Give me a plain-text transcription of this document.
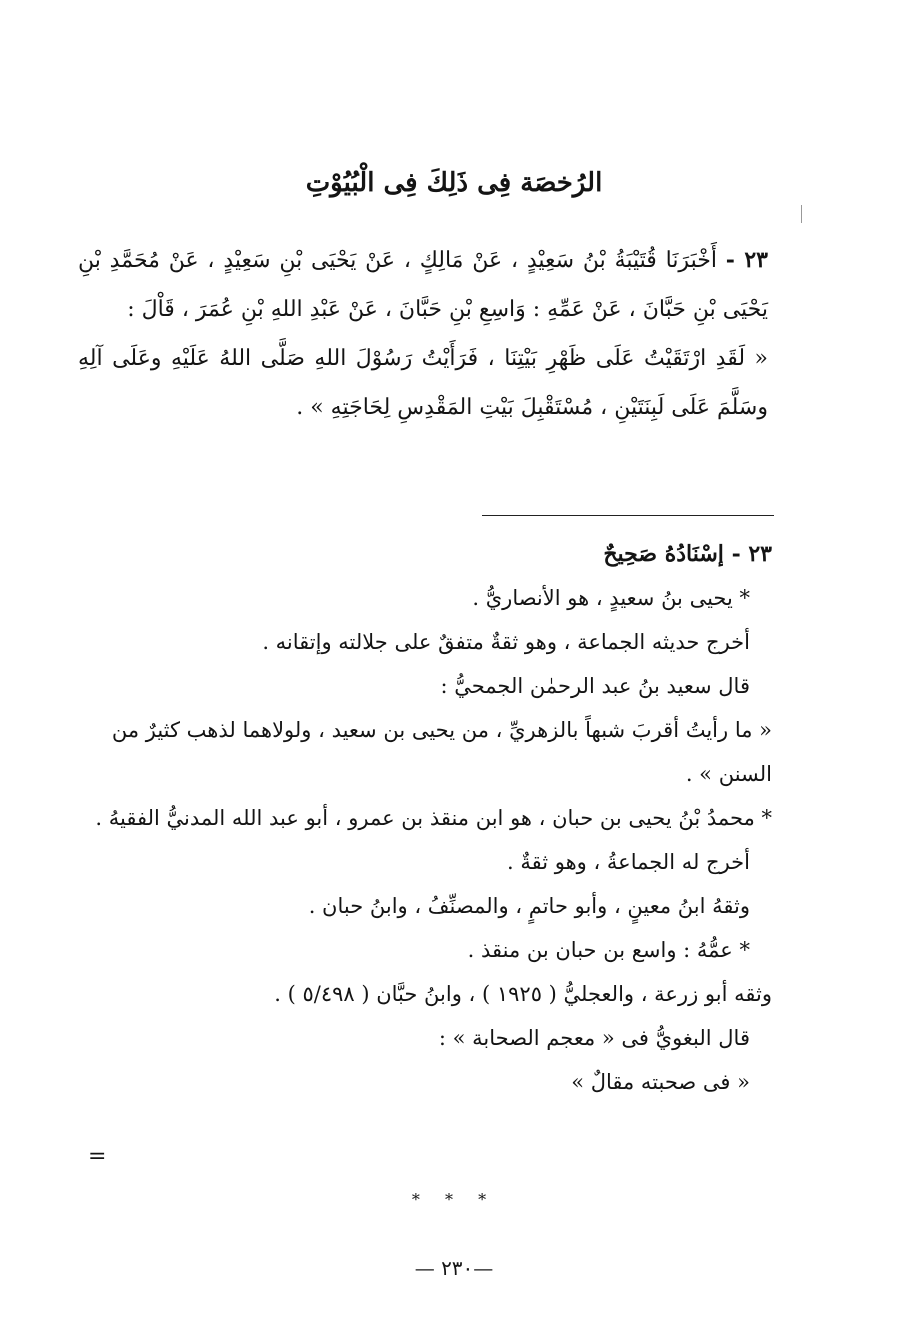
الرُخصَة فِى ذَلِكَ فِى الْبُيُوْتِ

٢٣ - أَخْبَرَنَا قُتَيْبَةُ بْنُ سَعِيْدٍ ، عَنْ مَالِكٍ ، عَنْ يَحْيَى بْنِ سَعِيْدٍ ، عَنْ مُحَمَّدِ بْنِ يَحْيَى بْنِ حَبَّانَ ، عَنْ عَمِّهِ : وَاسِعِ بْنِ حَبَّانَ ، عَنْ عَبْدِ اللهِ بْنِ عُمَرَ ، قَاْلَ :

« لَقَدِ ارْتَقَيْتُ عَلَى ظَهْرِ بَيْتِنَا ، فَرَأَيْتُ رَسُوْلَ اللهِ صَلَّى اللهُ عَلَيْهِ وعَلَى آلِهِ وسَلَّمَ عَلَى لَبِنَتَيْنِ ، مُسْتَقْبِلَ بَيْتِ المَقْدِسِ لِحَاجَتِهِ » .

٢٣ - إسْنَادُهُ صَحِيحٌ

* يحيى بنُ سعيدٍ ، هو الأنصاريُّ .

أخرج حديثه الجماعة ، وهو ثقةٌ متفقٌ على جلالته وإتقانه .

قال سعيد بنُ عبد الرحمٰن الجمحيُّ :

« ما رأيتُ أقربَ شبهاً بالزهريِّ ، من يحيى بن سعيد ، ولولاهما لذهب كثيرٌ من السنن » .

* محمدُ بْنُ يحيى بن حبان ، هو ابن منقذ بن عمرو ، أبو عبد الله المدنيُّ الفقيهُ .

أخرج له الجماعةُ ، وهو ثقةٌ .

وثقهُ ابنُ معينٍ ، وأبو حاتمٍ ، والمصنِّفُ ، وابنُ حبان .

* عمُّهُ : واسع بن حبان بن منقذ .

وثقه أبو زرعة ، والعجليُّ ( ١٩٢٥ ) ، وابنُ حبَّان ( ٥/٤٩٨ ) .

قال البغويُّ فى « معجم الصحابة » :

« فى صحبته مقالٌ »

=
* * *
—٢٣٠ —
